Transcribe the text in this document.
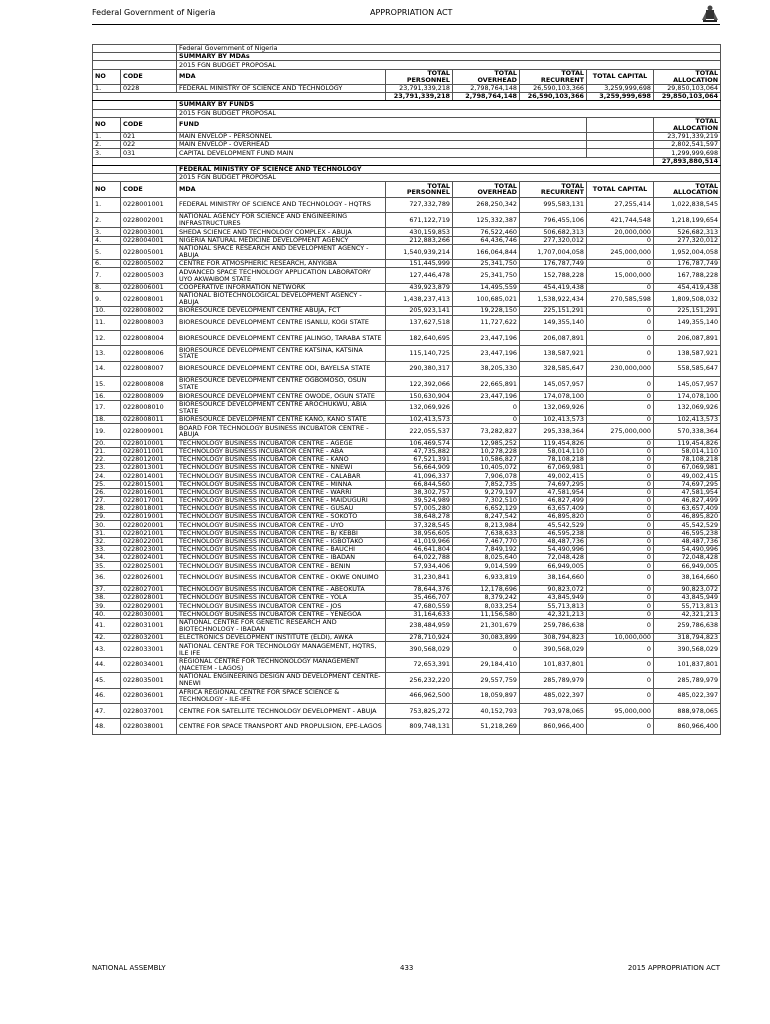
Federal Government of Nigeria	APPROPRIATION ACT
		Federal Government of Nigeria					
		SUMMARY BY MDAs					
		2015 FGN BUDGET PROPOSAL					
NO	CODE	MDA	TOTAL PERSONNEL	TOTAL OVERHEAD	TOTAL RECURRENT	TOTAL CAPITAL	TOTAL ALLOCATION
1.	0228	FEDERAL MINISTRY OF SCIENCE AND TECHNOLOGY	23,791,339,218	2,798,764,148	26,590,103,366	3,259,999,698	29,850,103,064
			23,791,339,218	2,798,764,148	26,590,103,366	3,259,999,698	29,850,103,064
		SUMMARY BY FUNDS					
		2015 FGN BUDGET PROPOSAL					
NO	CODE	FUND					TOTAL ALLOCATION
1.	021	MAIN ENVELOP - PERSONNEL					23,791,339,219
2.	022	MAIN ENVELOP - OVERHEAD					2,802,541,597
3.	031	CAPITAL DEVELOPMENT FUND MAIN					1,299,999,698
							27,893,880,514
		FEDERAL MINISTRY OF SCIENCE AND TECHNOLOGY					
		2015 FGN BUDGET PROPOSAL					
NO	CODE	MDA	TOTAL PERSONNEL	TOTAL OVERHEAD	TOTAL RECURRENT	TOTAL CAPITAL	TOTAL ALLOCATION
1.	0228001001	FEDERAL MINISTRY OF SCIENCE AND TECHNOLOGY - HQTRS	727,332,789	268,250,342	995,583,131	27,255,414	1,022,838,545
2.	0228002001	NATIONAL AGENCY FOR SCIENCE AND ENGINEERING INFRASTRUCTURES	671,122,719	125,332,387	796,455,106	421,744,548	1,218,199,654
3.	0228003001	SHEDA SCIENCE AND TECHNOLOGY COMPLEX - ABUJA	430,159,853	76,522,460	506,682,313	20,000,000	526,682,313
4.	0228004001	NIGERIA NATURAL MEDICINE DEVELOPMENT AGENCY	212,883,266	64,436,746	277,320,012	0	277,320,012
5.	0228005001	NATIONAL SPACE RESEARCH AND DEVELOPMENT AGENCY - ABUJA	1,540,939,214	166,064,844	1,707,004,058	245,000,000	1,952,004,058
6.	0228005002	CENTRE FOR ATMOSPHERIC RESEARCH, ANYIGBA	151,445,999	25,341,750	176,787,749	0	176,787,749
7.	0228005003	ADVANCED SPACE TECHNOLOGY APPLICATION LABORATORY UYO AKWAIBOM STATE	127,446,478	25,341,750	152,788,228	15,000,000	167,788,228
8.	0228006001	COOPERATIVE INFORMATION NETWORK	439,923,879	14,495,559	454,419,438	0	454,419,438
9.	0228008001	NATIONAL BIOTECHNOLOGICAL DEVELOPMENT AGENCY - ABUJA	1,438,237,413	100,685,021	1,538,922,434	270,585,598	1,809,508,032
10.	0228008002	BIORESOURCE DEVELOPMENT CENTRE ABUJA, FCT	205,923,141	19,228,150	225,151,291	0	225,151,291
11.	0228008003	BIORESOURCE DEVELOPMENT CENTRE ISANLU, KOGI STATE	137,627,518	11,727,622	149,355,140	0	149,355,140
12.	0228008004	BIORESOURCE DEVELOPMENT CENTRE JALINGO, TARABA STATE	182,640,695	23,447,196	206,087,891	0	206,087,891
13.	0228008006	BIORESOURCE DEVELOPMENT CENTRE KATSINA, KATSINA STATE	115,140,725	23,447,196	138,587,921	0	138,587,921
14.	0228008007	BIORESOURCE DEVELOPMENT CENTRE ODI, BAYELSA STATE	290,380,317	38,205,330	328,585,647	230,000,000	558,585,647
15.	0228008008	BIORESOURCE DEVELOPMENT CENTRE OGBOMOSO, OSUN STATE	122,392,066	22,665,891	145,057,957	0	145,057,957
16.	0228008009	BIORESOURCE DEVELOPMENT CENTRE OWODE, OGUN STATE	150,630,904	23,447,196	174,078,100	0	174,078,100
17.	0228008010	BIORESOURCE DEVELOPMENT CENTRE AROCHUKWU, ABIA STATE	132,069,926	0	132,069,926	0	132,069,926
18.	0228008011	BIORESOURCE DEVELOPMENT CENTRE KANO, KANO STATE	102,413,573	0	102,413,573	0	102,413,573
19.	0228009001	BOARD FOR TECHNOLOGY BUSINESS INCUBATOR CENTRE - ABUJA	222,055,537	73,282,827	295,338,364	275,000,000	570,338,364
20.	0228010001	TECHNOLOGY BUSINESS INCUBATOR CENTRE - AGEGE	106,469,574	12,985,252	119,454,826	0	119,454,826
21.	0228011001	TECHNOLOGY BUSINESS INCUBATOR CENTRE - ABA	47,735,882	10,278,228	58,014,110	0	58,014,110
22.	0228012001	TECHNOLOGY BUSINESS INCUBATOR CENTRE - KANO	67,521,391	10,586,827	78,108,218	0	78,108,218
23.	0228013001	TECHNOLOGY BUSINESS INCUBATOR CENTRE - NNEWI	56,664,909	10,405,072	67,069,981	0	67,069,981
24.	0228014001	TECHNOLOGY BUSINESS INCUBATOR CENTRE - CALABAR	41,096,337	7,906,078	49,002,415	0	49,002,415
25.	0228015001	TECHNOLOGY BUSINESS INCUBATOR CENTRE - MINNA	66,844,560	7,852,735	74,697,295	0	74,697,295
26.	0228016001	TECHNOLOGY BUSINESS INCUBATOR CENTRE - WARRI	38,302,757	9,279,197	47,581,954	0	47,581,954
27.	0228017001	TECHNOLOGY BUSINESS INCUBATOR CENTRE - MAIDUGURI	39,524,989	7,302,510	46,827,499	0	46,827,499
28.	0228018001	TECHNOLOGY BUSINESS INCUBATOR CENTRE - GUSAU	57,005,280	6,652,129	63,657,409	0	63,657,409
29.	0228019001	TECHNOLOGY BUSINESS INCUBATOR CENTRE - SOKOTO	38,648,278	8,247,542	46,895,820	0	46,895,820
30.	0228020001	TECHNOLOGY BUSINESS INCUBATOR CENTRE - UYO	37,328,545	8,213,984	45,542,529	0	45,542,529
31.	0228021001	TECHNOLOGY BUSINESS INCUBATOR CENTRE - B/ KEBBI	38,956,605	7,638,633	46,595,238	0	46,595,238
32.	0228022001	TECHNOLOGY BUSINESS INCUBATOR CENTRE - IGBOTAKO	41,019,966	7,467,770	48,487,736	0	48,487,736
33.	0228023001	TECHNOLOGY BUSINESS INCUBATOR CENTRE - BAUCHI	46,641,804	7,849,192	54,490,996	0	54,490,996
34.	0228024001	TECHNOLOGY BUSINESS INCUBATOR CENTRE - IBADAN	64,022,788	8,025,640	72,048,428	0	72,048,428
35.	0228025001	TECHNOLOGY BUSINESS INCUBATOR CENTRE - BENIN	57,934,406	9,014,599	66,949,005	0	66,949,005
36.	0228026001	TECHNOLOGY BUSINESS INCUBATOR CENTRE - OKWE ONUIMO	31,230,841	6,933,819	38,164,660	0	38,164,660
37.	0228027001	TECHNOLOGY BUSINESS INCUBATOR CENTRE - ABEOKUTA	78,644,376	12,178,696	90,823,072	0	90,823,072
38.	0228028001	TECHNOLOGY BUSINESS INCUBATOR CENTRE - YOLA	35,466,707	8,379,242	43,845,949	0	43,845,949
39.	0228029001	TECHNOLOGY BUSINESS INCUBATOR CENTRE - JOS	47,680,559	8,033,254	55,713,813	0	55,713,813
40.	0228030001	TECHNOLOGY BUSINESS INCUBATOR CENTRE - YENEGOA	31,164,633	11,156,580	42,321,213	0	42,321,213
41.	0228031001	NATIONAL CENTRE FOR GENETIC RESEARCH AND BIOTECHNOLOGY - IBADAN	238,484,959	21,301,679	259,786,638	0	259,786,638
42.	0228032001	ELECTRONICS DEVELOPMENT INSTITUTE (ELDI), AWKA	278,710,924	30,083,899	308,794,823	10,000,000	318,794,823
43.	0228033001	NATIONAL CENTRE FOR TECHNOLOGY MANAGEMENT, HQTRS, ILE IFE	390,568,029	0	390,568,029	0	390,568,029
44.	0228034001	REGIONAL CENTRE FOR TECHNONOLOGY MANAGEMENT (NACETEM - LAGOS)	72,653,391	29,184,410	101,837,801	0	101,837,801
45.	0228035001	NATIONAL ENGINEERING DESIGN AND DEVELOPMENT CENTRE-NNEWI	256,232,220	29,557,759	285,789,979	0	285,789,979
46.	0228036001	AFRICA REGIONAL CENTRE FOR SPACE SCIENCE & TECHNOLOGY - ILE-IFE	466,962,500	18,059,897	485,022,397	0	485,022,397
47.	0228037001	CENTRE FOR SATELLITE TECHNOLOGY DEVELOPMENT - ABUJA	753,825,272	40,152,793	793,978,065	95,000,000	888,978,065
48.	0228038001	CENTRE FOR SPACE TRANSPORT AND PROPULSION, EPE-LAGOS	809,748,131	51,218,269	860,966,400	0	860,966,400
NATIONAL ASSEMBLY	433	2015 APPROPRIATION ACT
